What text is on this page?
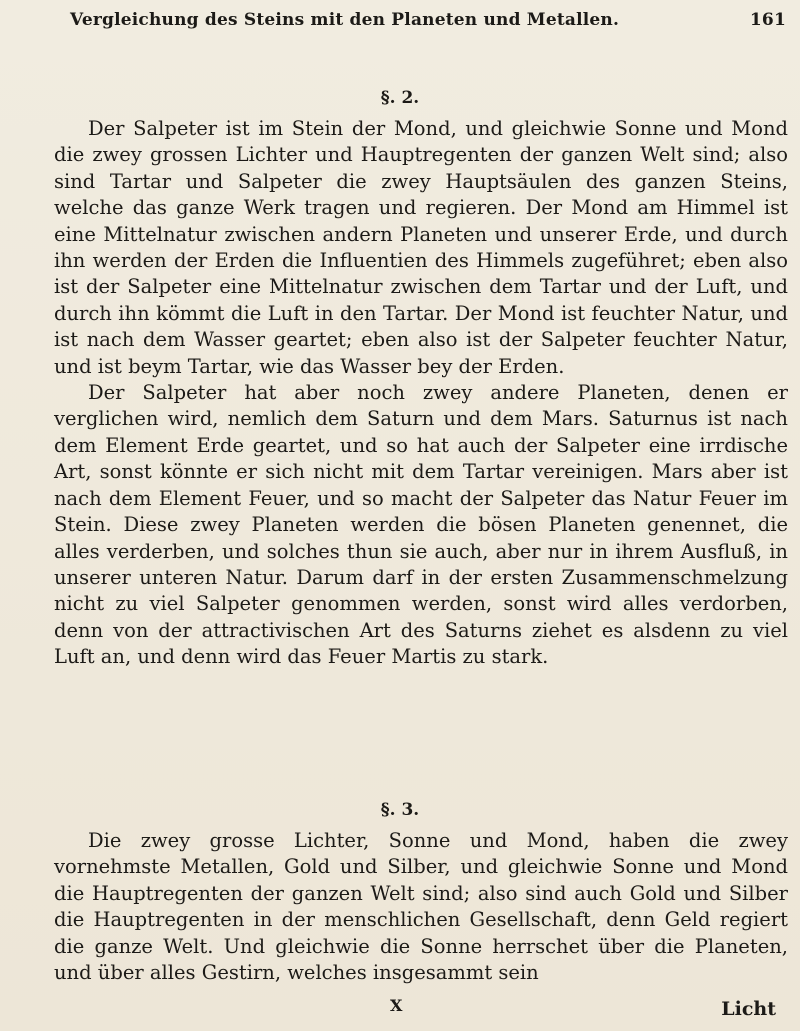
Vergleichung des Steins mit den Planeten und Metallen.	161
§. 2.

Der Salpeter ist im Stein der Mond, und gleichwie Sonne und Mond die zwey grossen Lichter und Hauptregenten der ganzen Welt sind; also sind Tartar und Salpeter die zwey Hauptsäulen des ganzen Steins, welche das ganze Werk tragen und regieren. Der Mond am Himmel ist eine Mittelnatur zwischen andern Planeten und unserer Erde, und durch ihn werden der Erden die Influentien des Himmels zugeführet; eben also ist der Salpeter eine Mittelnatur zwischen dem Tartar und der Luft, und durch ihn kömmt die Luft in den Tartar. Der Mond ist feuchter Natur, und ist nach dem Wasser geartet; eben also ist der Salpeter feuchter Natur, und ist beym Tartar, wie das Wasser bey der Erden.

Der Salpeter hat aber noch zwey andere Planeten, denen er verglichen wird, nemlich dem Saturn und dem Mars. Saturnus ist nach dem Element Erde geartet, und so hat auch der Salpeter eine irrdische Art, sonst könnte er sich nicht mit dem Tartar vereinigen. Mars aber ist nach dem Element Feuer, und so macht der Salpeter das Natur Feuer im Stein. Diese zwey Planeten werden die bösen Planeten genennet, die alles verderben, und solches thun sie auch, aber nur in ihrem Ausfluß, in unserer unteren Natur. Darum darf in der ersten Zusammenschmelzung nicht zu viel Salpeter genommen werden, sonst wird alles verdorben, denn von der attractivischen Art des Saturns ziehet es alsdenn zu viel Luft an, und denn wird das Feuer Martis zu stark.

§. 3.

Die zwey grosse Lichter, Sonne und Mond, haben die zwey vornehmste Metallen, Gold und Silber, und gleichwie Sonne und Mond die Hauptregenten der ganzen Welt sind; also sind auch Gold und Silber die Hauptregenten in der menschlichen Gesellschaft, denn Geld regiert die ganze Welt. Und gleichwie die Sonne herrschet über die Planeten, und über alles Gestirn, welches insgesammt sein

X	Licht
